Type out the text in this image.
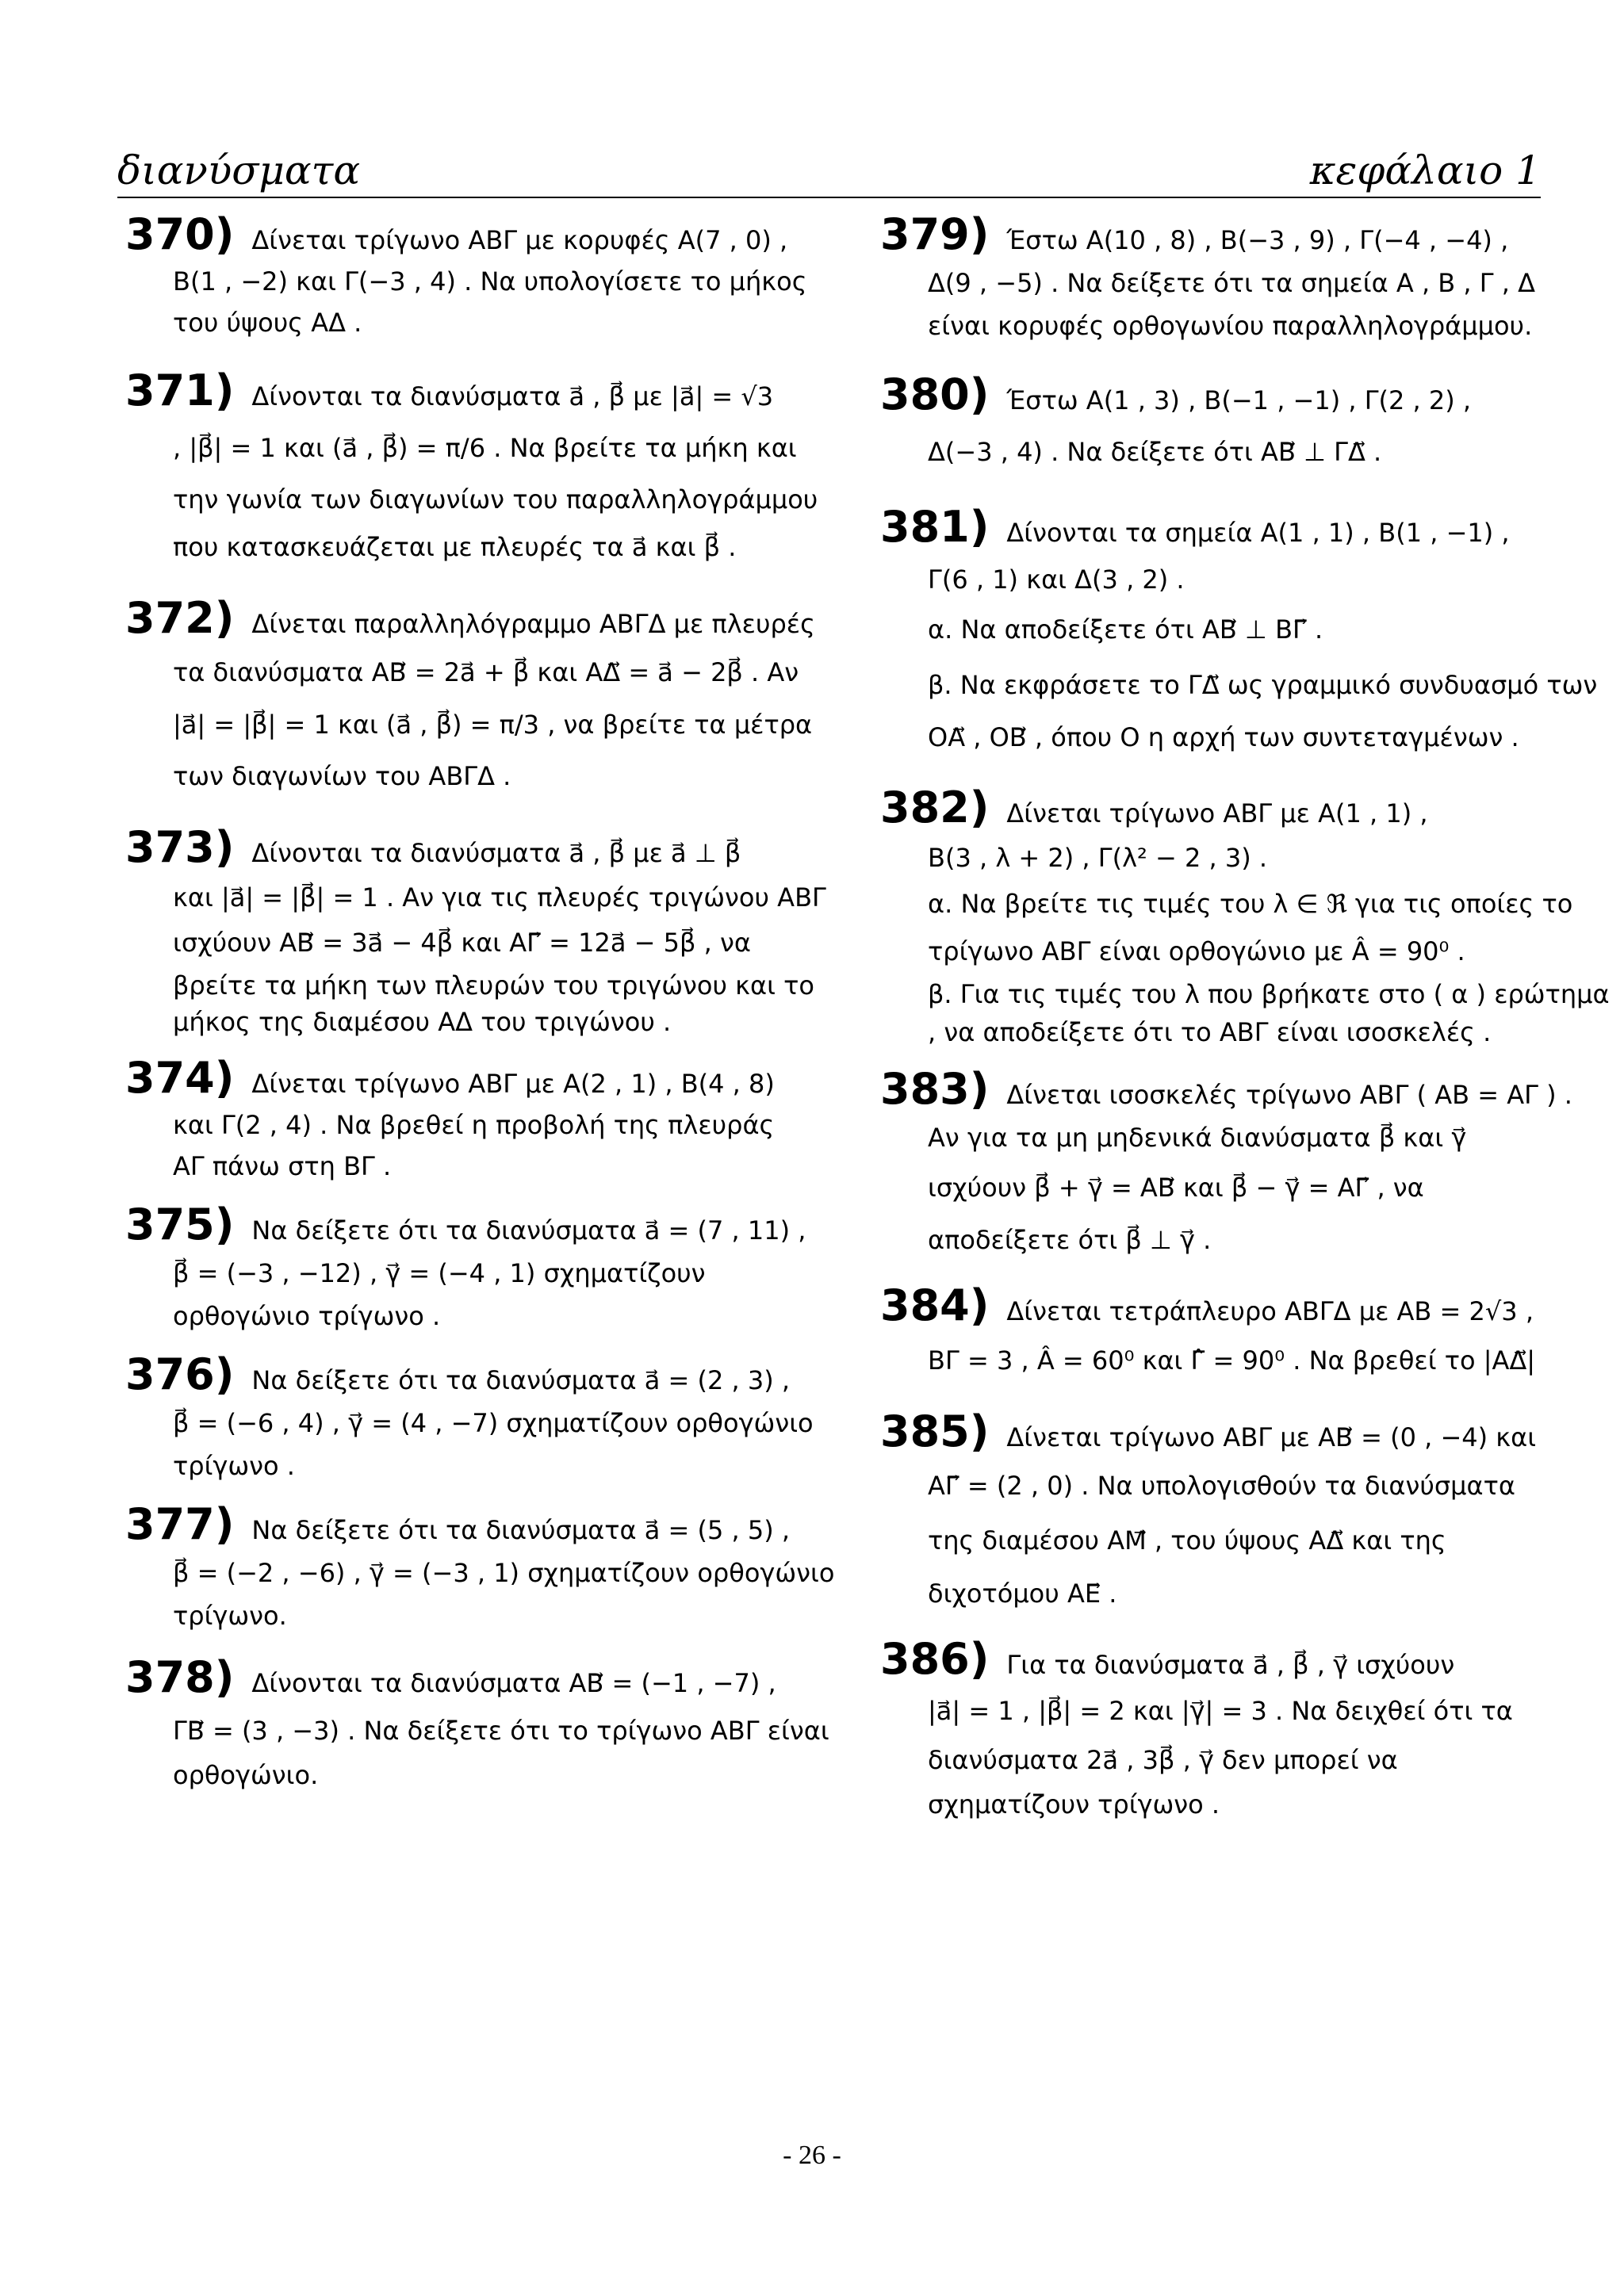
διανύσματα	κεφάλαιο 1
370) Δίνεται τρίγωνο ΑΒΓ με κορυφές Α(7 , 0) ,
Β(1 , −2) και Γ(−3 , 4) . Να υπολογίσετε το μήκος
του ύψους ΑΔ .
371) Δίνονται τα διανύσματα a⃗ , β⃗ με |a⃗| = √3
, |β⃗| = 1 και (a⃗ , β⃗) = π/6 . Να βρείτε τα μήκη και
την γωνία των διαγωνίων του παραλληλογράμμου
που κατασκευάζεται με πλευρές τα a⃗ και β⃗ .
372) Δίνεται παραλληλόγραμμο ΑΒΓΔ με πλευρές
τα διανύσματα ΑΒ⃗ = 2a⃗ + β⃗ και ΑΔ⃗ = a⃗ − 2β⃗ . Αν
|a⃗| = |β⃗| = 1 και (a⃗ , β⃗) = π/3 , να βρείτε τα μέτρα
των διαγωνίων του ΑΒΓΔ .
373) Δίνονται τα διανύσματα a⃗ , β⃗ με a⃗ ⊥ β⃗
και |a⃗| = |β⃗| = 1 . Αν για τις πλευρές τριγώνου ΑΒΓ
ισχύουν ΑΒ⃗ = 3a⃗ − 4β⃗ και ΑΓ⃗ = 12a⃗ − 5β⃗ , να
βρείτε τα μήκη των πλευρών του τριγώνου και το
μήκος της διαμέσου ΑΔ του τριγώνου .
374) Δίνεται τρίγωνο ΑΒΓ με Α(2 , 1) , Β(4 , 8)
και Γ(2 , 4) . Να βρεθεί η προβολή της πλευράς
ΑΓ πάνω στη ΒΓ .
375) Να δείξετε ότι τα διανύσματα a⃗ = (7 , 11) ,
β⃗ = (−3 , −12) , γ⃗ = (−4 , 1) σχηματίζουν
ορθογώνιο τρίγωνο .
376) Να δείξετε ότι τα διανύσματα a⃗ = (2 , 3) ,
β⃗ = (−6 , 4) , γ⃗ = (4 , −7) σχηματίζουν ορθογώνιο
τρίγωνο .
377) Να δείξετε ότι τα διανύσματα a⃗ = (5 , 5) ,
β⃗ = (−2 , −6) , γ⃗ = (−3 , 1) σχηματίζουν ορθογώνιο
τρίγωνο.
378) Δίνονται τα διανύσματα ΑΒ⃗ = (−1 , −7) ,
ΓΒ⃗ = (3 , −3) . Να δείξετε ότι το τρίγωνο ΑΒΓ είναι
ορθογώνιο.
379) Έστω Α(10 , 8) , Β(−3 , 9) , Γ(−4 , −4) ,
Δ(9 , −5) . Να δείξετε ότι τα σημεία Α , Β , Γ , Δ
είναι κορυφές ορθογωνίου παραλληλογράμμου.
380) Έστω Α(1 , 3) , Β(−1 , −1) , Γ(2 , 2) ,
Δ(−3 , 4) . Να δείξετε ότι ΑΒ⃗ ⊥ ΓΔ⃗ .
381) Δίνονται τα σημεία Α(1 , 1) , Β(1 , −1) ,
Γ(6 , 1) και Δ(3 , 2) .
α. Να αποδείξετε ότι ΑΒ⃗ ⊥ ΒΓ⃗ .
β. Να εκφράσετε το ΓΔ⃗ ως γραμμικό συνδυασμό των
ΟΑ⃗ , ΟΒ⃗ , όπου Ο η αρχή των συντεταγμένων .
382) Δίνεται τρίγωνο ΑΒΓ με Α(1 , 1) ,
Β(3 , λ + 2) , Γ(λ² − 2 , 3) .
α. Να βρείτε τις τιμές του λ ∈ ℜ για τις οποίες το
τρίγωνο ΑΒΓ είναι ορθογώνιο με Â = 90⁰ .
β. Για τις τιμές του λ που βρήκατε στο ( α ) ερώτημα
, να αποδείξετε ότι το ΑΒΓ είναι ισοσκελές .
383) Δίνεται ισοσκελές τρίγωνο ΑΒΓ ( ΑΒ = ΑΓ ) .
Αν για τα μη μηδενικά διανύσματα β⃗ και γ⃗
ισχύουν β⃗ + γ⃗ = ΑΒ⃗ και β⃗ − γ⃗ = ΑΓ⃗ , να
αποδείξετε ότι β⃗ ⊥ γ⃗ .
384) Δίνεται τετράπλευρο ΑΒΓΔ με ΑΒ = 2√3 ,
ΒΓ = 3 , Â = 60⁰ και Γ̂ = 90⁰ . Να βρεθεί το |ΑΔ⃗|
385) Δίνεται τρίγωνο ΑΒΓ με ΑΒ⃗ = (0 , −4) και
ΑΓ⃗ = (2 , 0) . Να υπολογισθούν τα διανύσματα
της διαμέσου ΑΜ⃗ , του ύψους ΑΔ⃗ και της
διχοτόμου ΑΕ⃗ .
386) Για τα διανύσματα a⃗ , β⃗ , γ⃗ ισχύουν
|a⃗| = 1 , |β⃗| = 2 και |γ⃗| = 3 . Να δειχθεί ότι τα
διανύσματα 2a⃗ , 3β⃗ , γ⃗ δεν μπορεί να
σχηματίζουν τρίγωνο .
- 26 -
